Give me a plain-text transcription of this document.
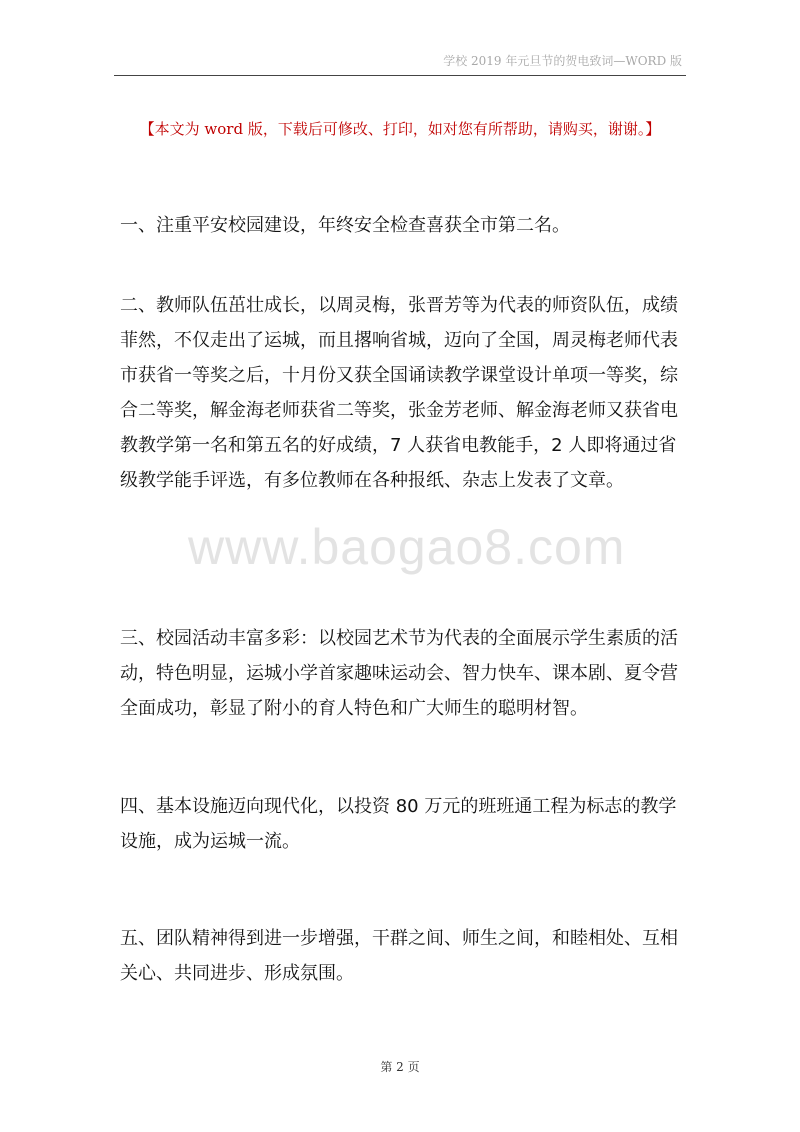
学校 2019 年元旦节的贺电致词—WORD 版
【本文为 word 版，下载后可修改、打印，如对您有所帮助，请购买，谢谢。】

一、注重平安校园建设，年终安全检查喜获全市第二名。

二、教师队伍茁壮成长，以周灵梅，张晋芳等为代表的师资队伍，成绩菲然，不仅走出了运城，而且撂响省城，迈向了全国，周灵梅老师代表市获省一等奖之后，十月份又获全国诵读教学课堂设计单项一等奖，综合二等奖，解金海老师获省二等奖，张金芳老师、解金海老师又获省电教教学第一名和第五名的好成绩，7 人获省电教能手，2 人即将通过省级教学能手评选，有多位教师在各种报纸、杂志上发表了文章。

三、校园活动丰富多彩：以校园艺术节为代表的全面展示学生素质的活动，特色明显，运城小学首家趣味运动会、智力快车、课本剧、夏令营全面成功，彰显了附小的育人特色和广大师生的聪明材智。

四、基本设施迈向现代化，以投资 80 万元的班班通工程为标志的教学设施，成为运城一流。

五、团队精神得到进一步增强，干群之间、师生之间，和睦相处、互相关心、共同进步、形成氛围。

www.baogao8.com
第 2 页
